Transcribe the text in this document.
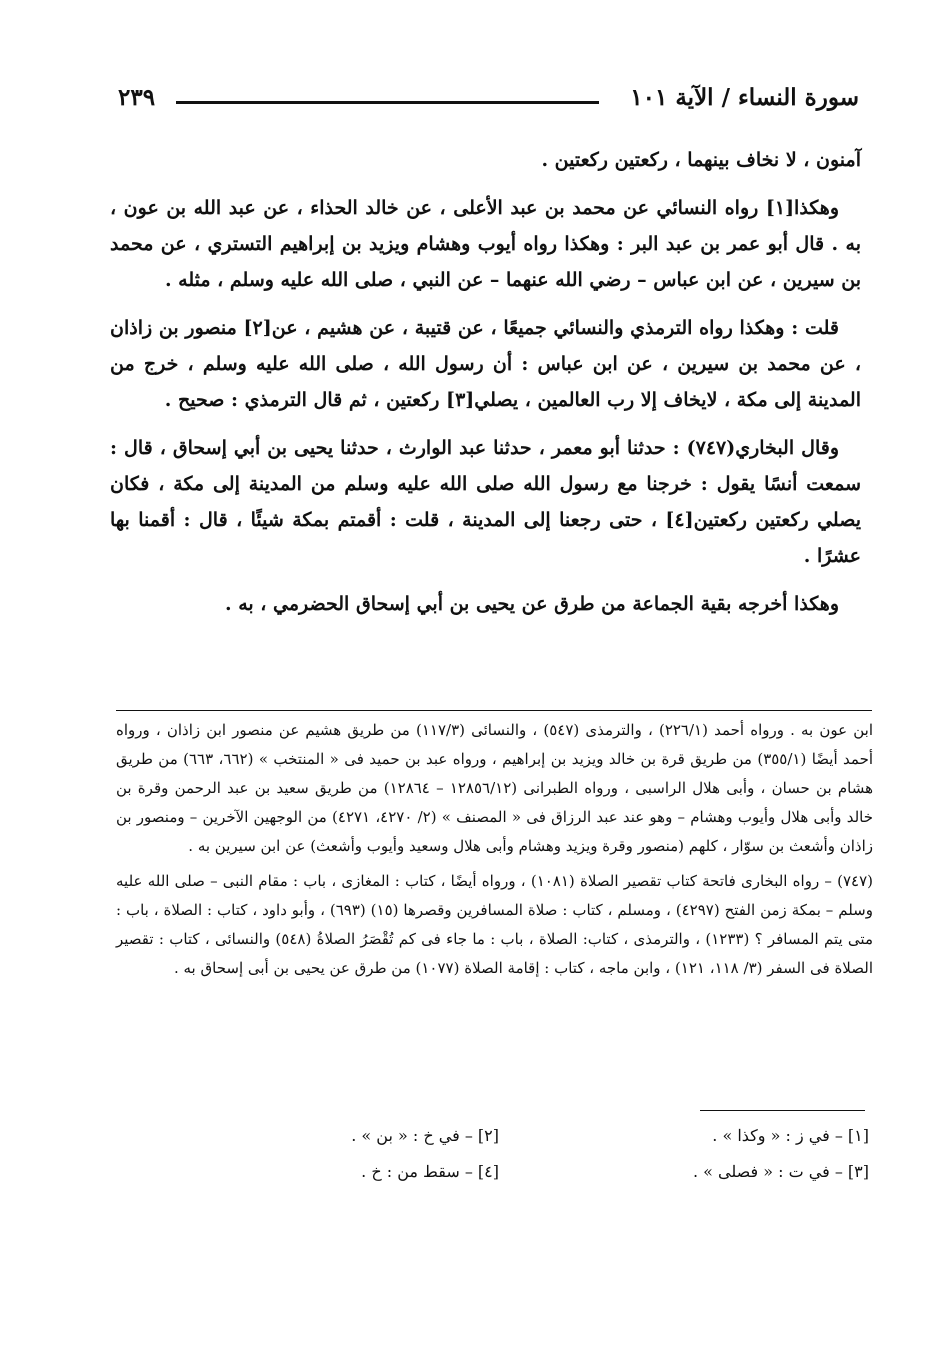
سورة النساء / الآية ١٠١
٢٣٩

آمنون ، لا نخاف بينهما ، ركعتين ركعتين .

وهكذا[١] رواه النسائي عن محمد بن عبد الأعلى ، عن خالد الحذاء ، عن عبد الله بن عون ، به . قال أبو عمر بن عبد البر : وهكذا رواه أيوب وهشام ويزيد بن إبراهيم التستري ، عن محمد بن سيرين ، عن ابن عباس – رضي الله عنهما – عن النبي ، صلى الله عليه وسلم ، مثله .

قلت : وهكذا رواه الترمذي والنسائي جميعًا ، عن قتيبة ، عن هشيم ، عن[٢] منصور بن زاذان ، عن محمد بن سيرين ، عن ابن عباس : أن رسول الله ، صلى الله عليه وسلم ، خرج من المدينة إلى مكة ، لايخاف إلا رب العالمين ، يصلي[٣] ركعتين ، ثم قال الترمذي : صحيح .

وقال البخاري(٧٤٧) : حدثنا أبو معمر ، حدثنا عبد الوارث ، حدثنا يحيى بن أبي إسحاق ، قال : سمعت أنسًا يقول : خرجنا مع رسول الله صلى الله عليه وسلم من المدينة إلى مكة ، فكان يصلي ركعتين ركعتين[٤] ، حتى رجعنا إلى المدينة ، قلت : أقمتم بمكة شيئًا ، قال : أقمنا بها عشرًا .

وهكذا أخرجه بقية الجماعة من طرق عن يحيى بن أبي إسحاق الحضرمي ، به .

ابن عون به . ورواه أحمد (٢٢٦/١) ، والترمذى (٥٤٧) ، والنسائى (١١٧/٣) من طريق هشيم عن منصور ابن زاذان ، ورواه أحمد أيضًا (٣٥٥/١) من طريق قرة بن خالد ويزيد بن إبراهيم ، ورواه عبد بن حميد فى « المنتخب » (٦٦٢، ٦٦٣) من طريق هشام بن حسان ، وأبى هلال الراسبى ، ورواه الطبرانى (١٢٨٥٦/١٢ – ١٢٨٦٤) من طريق سعيد بن عبد الرحمن وقرة بن خالد وأبى هلال وأيوب وهشام – وهو عند عبد الرزاق فى « المصنف » (٢/ ٤٢٧٠، ٤٢٧١) من الوجهين الآخرين – ومنصور بن زاذان وأشعث بن سوّار ، كلهم (منصور وقرة ويزيد وهشام وأبى هلال وسعيد وأيوب وأشعث) عن ابن سيرين به .

(٧٤٧) – رواه البخارى فاتحة كتاب تقصير الصلاة (١٠٨١) ، ورواه أيضًا ، كتاب : المغازى ، باب : مقام النبى – صلى الله عليه وسلم – بمكة زمن الفتح (٤٢٩٧) ، ومسلم ، كتاب : صلاة المسافرين وقصرها (١٥) (٦٩٣) ، وأبو داود ، كتاب : الصلاة ، باب : متى يتم المسافر ؟ (١٢٣٣) ، والترمذى ، كتاب: الصلاة ، باب : ما جاء فى كم تُقْصَرُ الصلاةُ (٥٤٨) والنسائى ، كتاب : تقصير الصلاة فى السفر (٣/ ١١٨، ١٢١) ، وابن ماجه ، كتاب : إقامة الصلاة (١٠٧٧) من طرق عن يحيى بن أبى إسحاق به .

[١] – في ز : « وكذا » .
[٢] – في خ : « بن » .
[٣] – في ت : « فصلى » .
[٤] – سقط من : خ .
